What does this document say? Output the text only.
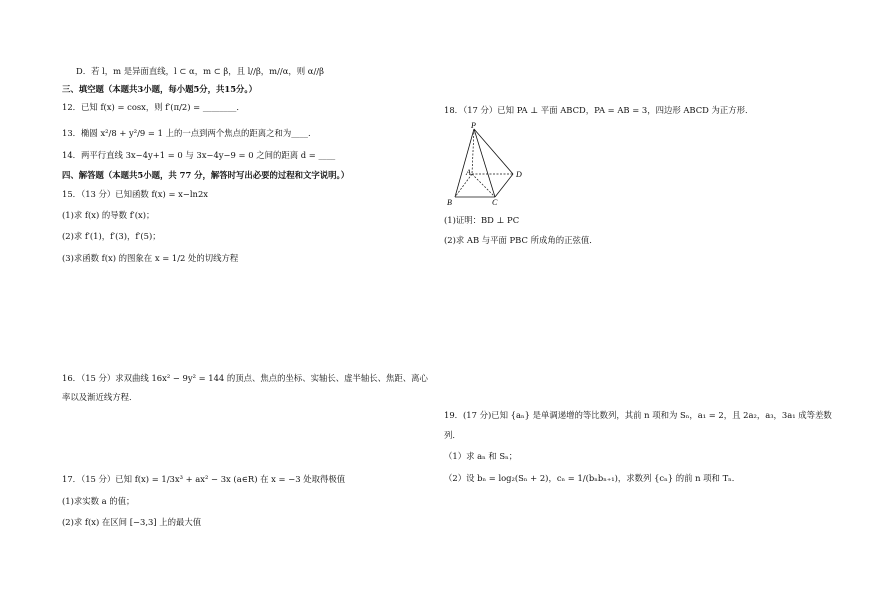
D．若 l，m 是异面直线，l ⊂ α，m ⊂ β，且 l//β，m//α，则 α//β
三、填空题（本题共3小题，每小题5分，共15分。）
12．已知 f(x) = cosx，则 f′(π/2) = ________．
13．椭圆 x²/8 + y²/9 = 1 上的一点到两个焦点的距离之和为____.
14．两平行直线 3x−4y+1 = 0 与 3x−4y−9 = 0 之间的距离 d = ____
四、解答题（本题共5小题，共 77 分，解答时写出必要的过程和文字说明。）
15．（13 分）已知函数 f(x) = x−ln2x
(1)求 f(x) 的导数 f′(x)；
(2)求 f′(1)，f′(3)，f′(5)；
(3)求函数 f(x) 的图象在 x = 1/2 处的切线方程
16．（15 分）求双曲线 16x² − 9y² = 144 的顶点、焦点的坐标、实轴长、虚半轴长、焦距、离心
率以及渐近线方程．
17．（15 分）已知 f(x) = 1/3x³ + ax² − 3x (a∈R) 在 x = −3 处取得极值
(1)求实数 a 的值；
(2)求 f(x) 在区间 [−3,3] 上的最大值
18．（17 分）已知 PA ⊥ 平面 ABCD，PA = AB = 3，四边形 ABCD 为正方形．
P
A
B	C
D
(1)证明：BD ⊥ PC
(2)求 AB 与平面 PBC 所成角的正弦值．
19．(17 分)已知 {aₙ} 是单调递增的等比数列，其前 n 项和为 Sₙ，a₁ = 2，且 2a₂，a₃，3a₁ 成等差数
列．
（1）求 aₙ 和 Sₙ；
（2）设 bₙ = log₂(Sₙ + 2)，cₙ = 1/(bₙbₙ₊₁)，求数列 {cₙ} 的前 n 项和 Tₙ．
